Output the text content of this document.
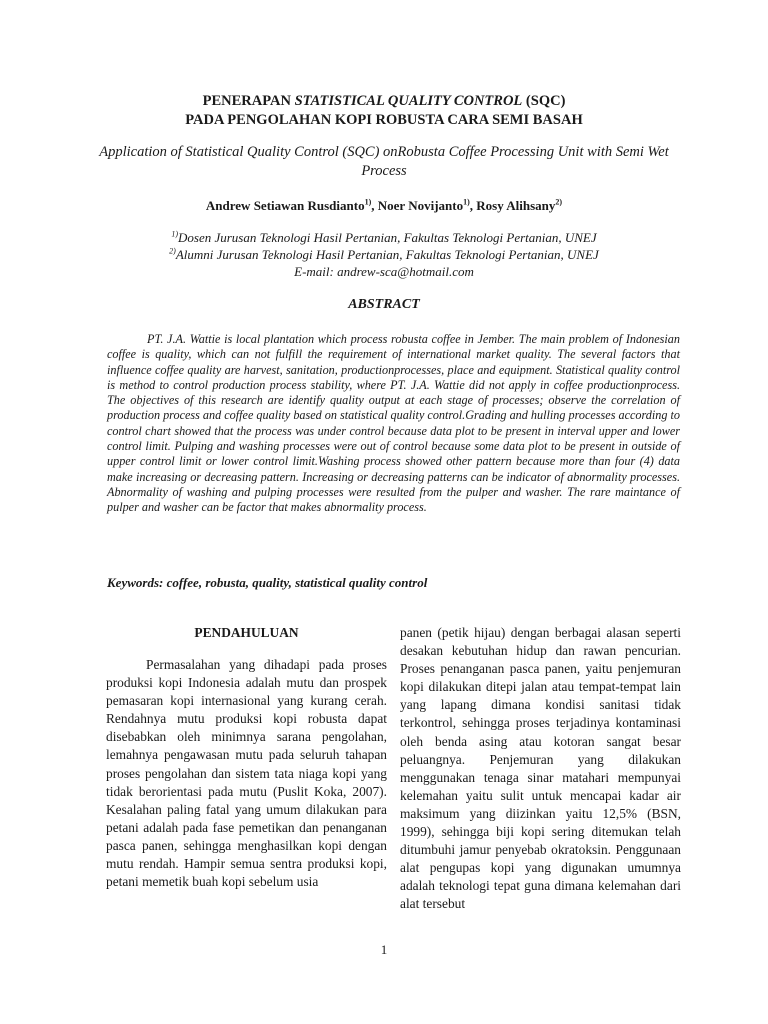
PENERAPAN STATISTICAL QUALITY CONTROL (SQC)
PADA PENGOLAHAN KOPI ROBUSTA CARA SEMI BASAH
Application of Statistical Quality Control (SQC) onRobusta Coffee Processing Unit with Semi Wet Process
Andrew Setiawan Rusdianto$^{1)}$, Noer Novijanto$^{1)}$, Rosy Alihsany$^{2)}$
$^{1)}$Dosen Jurusan Teknologi Hasil Pertanian, Fakultas Teknologi Pertanian, UNEJ
$^{2)}$Alumni Jurusan Teknologi Hasil Pertanian, Fakultas Teknologi Pertanian, UNEJ
E-mail: andrew-sca@hotmail.com
ABSTRACT
PT. J.A. Wattie is local plantation which process robusta coffee in Jember. The main problem of Indonesian coffee is quality, which can not fulfill the requirement of international market quality. The several factors that influence coffee quality are harvest, sanitation, productionprocesses, place and equipment. Statistical quality control is method to control production process stability, where PT. J.A. Wattie did not apply in coffee productionprocess. The objectives of this research are identify quality output at each stage of processes; observe the correlation of production process and coffee quality based on statistical quality control.Grading and hulling processes according to control chart showed that the process was under control because data plot to be present in interval upper and lower control limit. Pulping and washing processes were out of control because some data plot to be present in outside of upper control limit or lower control limit.Washing process showed other pattern because more than four (4) data make increasing or decreasing pattern. Increasing or decreasing patterns can be indicator of abnormality processes. Abnormality of washing and pulping processes were resulted from the pulper and washer. The rare maintance of pulper and washer can be factor that makes abnormality process.
Keywords: coffee, robusta, quality, statistical quality control
PENDAHULUAN

Permasalahan yang dihadapi pada proses produksi kopi Indonesia adalah mutu dan prospek pemasaran kopi internasional yang kurang cerah. Rendahnya mutu produksi kopi robusta dapat disebabkan oleh minimnya sarana pengolahan, lemahnya pengawasan mutu pada seluruh tahapan proses pengolahan dan sistem tata niaga kopi yang tidak berorientasi pada mutu (Puslit Koka, 2007). Kesalahan paling fatal yang umum dilakukan para petani adalah pada fase pemetikan dan penanganan pasca panen, sehingga menghasilkan kopi dengan mutu rendah. Hampir semua sentra produksi kopi, petani memetik buah kopi sebelum usia

panen (petik hijau) dengan berbagai alasan seperti desakan kebutuhan hidup dan rawan pencurian. Proses penanganan pasca panen, yaitu penjemuran kopi dilakukan ditepi jalan atau tempat-tempat lain yang lapang dimana kondisi sanitasi tidak terkontrol, sehingga proses terjadinya kontaminasi oleh benda asing atau kotoran sangat besar peluangnya. Penjemuran yang dilakukan menggunakan tenaga sinar matahari mempunyai kelemahan yaitu sulit untuk mencapai kadar air maksimum yang diizinkan yaitu 12,5% (BSN, 1999), sehingga biji kopi sering ditemukan telah ditumbuhi jamur penyebab okratoksin. Penggunaan alat pengupas kopi yang digunakan umumnya adalah teknologi tepat guna dimana kelemahan dari alat tersebut

1
